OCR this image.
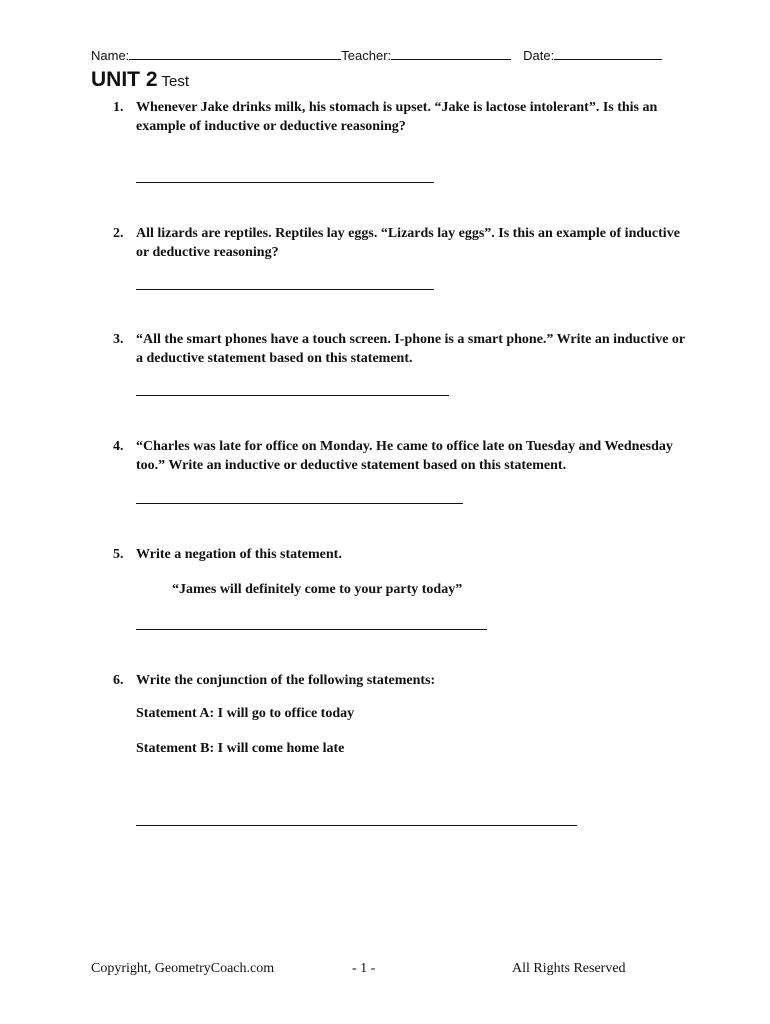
Name:	Teacher:	Date:
UNIT 2 Test
1. Whenever Jake drinks milk, his stomach is upset. “Jake is lactose intolerant”. Is this an example of inductive or deductive reasoning?
2. All lizards are reptiles. Reptiles lay eggs. “Lizards lay eggs”. Is this an example of inductive or deductive reasoning?
3. “All the smart phones have a touch screen. I-phone is a smart phone.” Write an inductive or a deductive statement based on this statement.
4. “Charles was late for office on Monday. He came to office late on Tuesday and Wednesday too.” Write an inductive or deductive statement based on this statement.
5. Write a negation of this statement.
“James will definitely come to your party today”
6. Write the conjunction of the following statements:
Statement A: I will go to office today
Statement B: I will come home late
Copyright, GeometryCoach.com	- 1 -	All Rights Reserved
